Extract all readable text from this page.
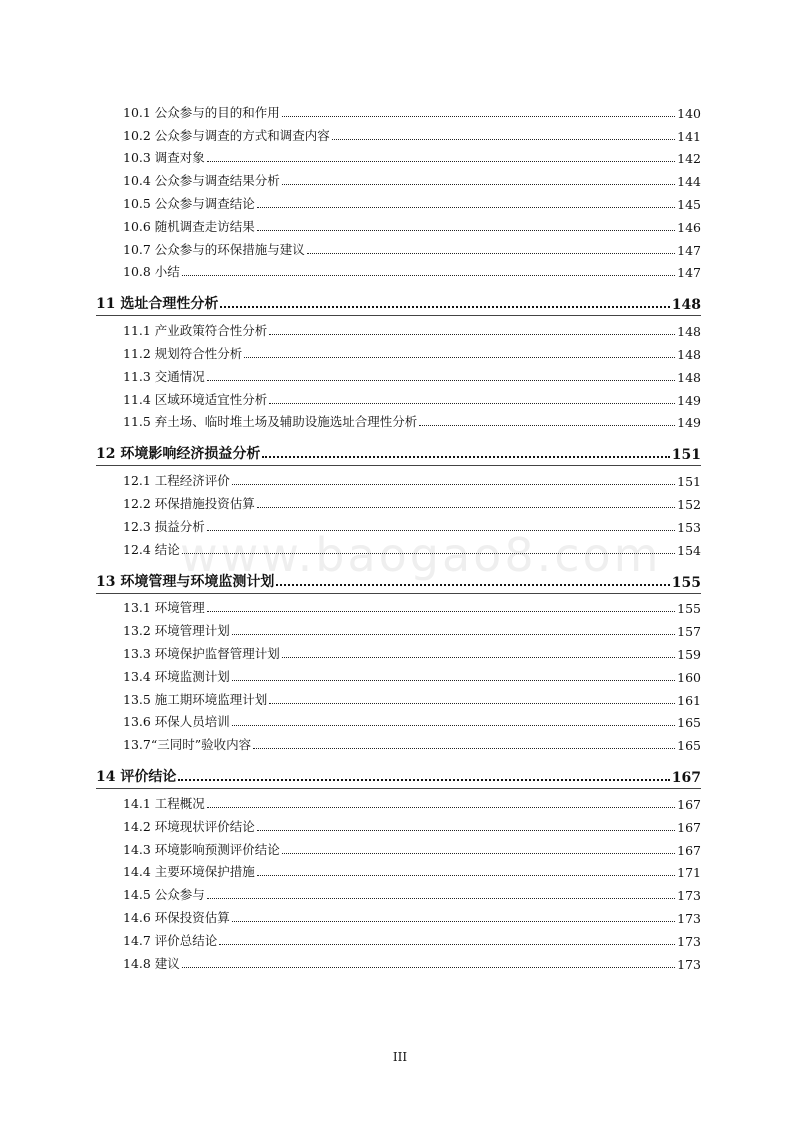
10.1 公众参与的目的和作用	140
10.2 公众参与调查的方式和调查内容	141
10.3 调查对象	142
10.4 公众参与调查结果分析	144
10.5 公众参与调查结论	145
10.6 随机调查走访结果	146
10.7 公众参与的环保措施与建议	147
10.8 小结	147
11 选址合理性分析	148
11.1 产业政策符合性分析	148
11.2 规划符合性分析	148
11.3 交通情况	148
11.4 区域环境适宜性分析	149
11.5 弃土场、临时堆土场及辅助设施选址合理性分析	149
12 环境影响经济损益分析	151
12.1 工程经济评价	151
12.2 环保措施投资估算	152
12.3 损益分析	153
12.4 结论	154
13 环境管理与环境监测计划	155
13.1 环境管理	155
13.2 环境管理计划	157
13.3 环境保护监督管理计划	159
13.4 环境监测计划	160
13.5 施工期环境监理计划	161
13.6 环保人员培训	165
13.7“三同时”验收内容	165
14 评价结论	167
14.1 工程概况	167
14.2 环境现状评价结论	167
14.3 环境影响预测评价结论	167
14.4 主要环境保护措施	171
14.5 公众参与	173
14.6 环保投资估算	173
14.7 评价总结论	173
14.8 建议	173
www.baogao8.com
III
